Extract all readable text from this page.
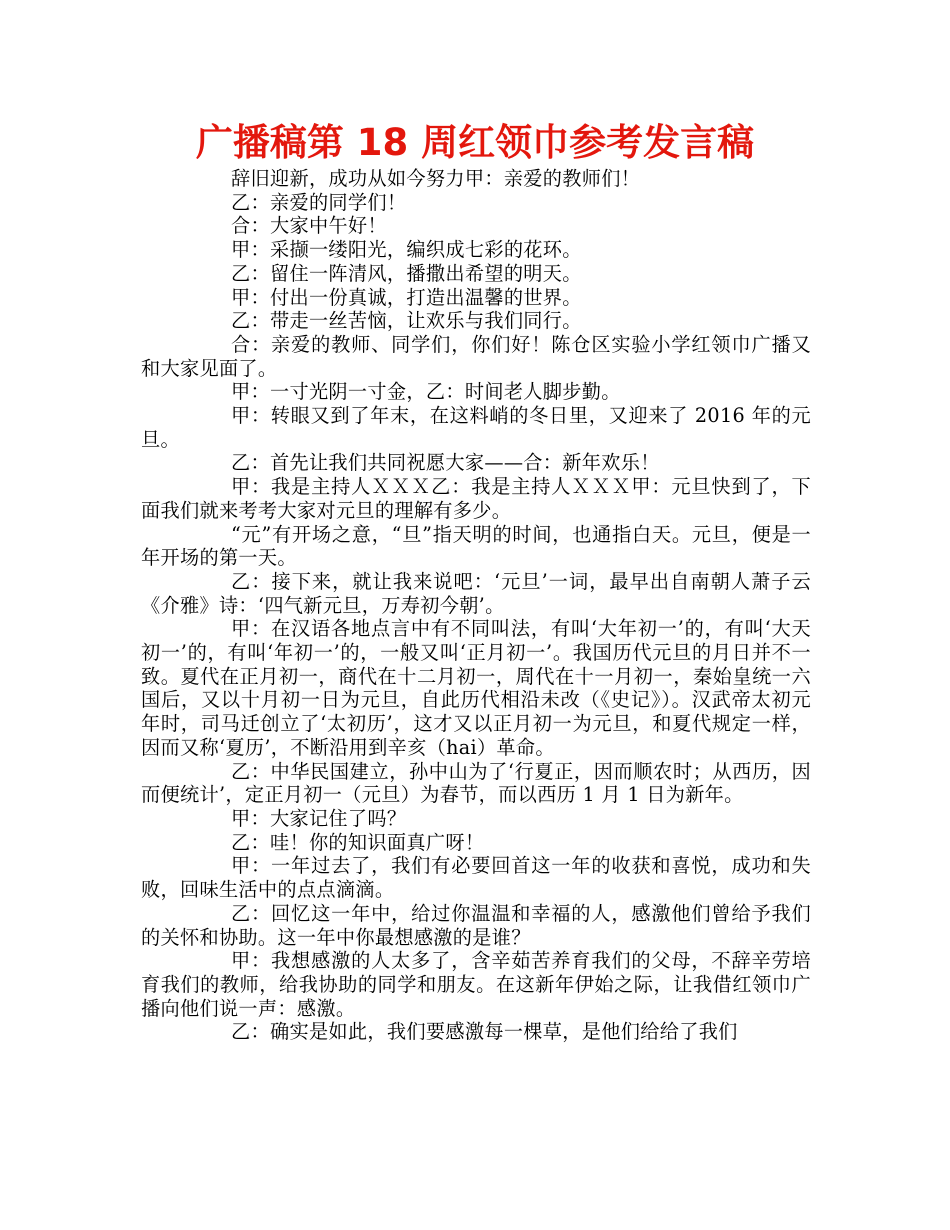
广播稿第 18 周红领巾参考发言稿

辞旧迎新，成功从如今努力甲：亲爱的教师们！

乙：亲爱的同学们！

合：大家中午好！

甲：采撷一缕阳光，编织成七彩的花环。

乙：留住一阵清风，播撒出希望的明天。

甲：付出一份真诚，打造出温馨的世界。

乙：带走一丝苦恼，让欢乐与我们同行。

合：亲爱的教师、同学们，你们好！陈仓区实验小学红领巾广播又和大家见面了。

甲：一寸光阴一寸金，乙：时间老人脚步勤。

甲：转眼又到了年末，在这料峭的冬日里，又迎来了 2016 年的元旦。

乙：首先让我们共同祝愿大家——合：新年欢乐！

甲：我是主持人ＸＸＸ乙：我是主持人ＸＸＸ甲：元旦快到了，下面我们就来考考大家对元旦的理解有多少。

“元”有开场之意，“旦”指天明的时间，也通指白天。元旦，便是一年开场的第一天。

乙：接下来，就让我来说吧：‘元旦’一词，最早出自南朝人萧子云《介雅》诗：‘四气新元旦，万寿初今朝’。

甲：在汉语各地点言中有不同叫法，有叫‘大年初一’的，有叫‘大天初一’的，有叫‘年初一’的，一般又叫‘正月初一’。我国历代元旦的月日并不一致。夏代在正月初一，商代在十二月初一，周代在十一月初一，秦始皇统一六国后，又以十月初一日为元旦，自此历代相沿未改（《史记》）。汉武帝太初元年时，司马迁创立了‘太初历’，这才又以正月初一为元旦，和夏代规定一样，因而又称‘夏历’，不断沿用到辛亥（hai）革命。

乙：中华民国建立，孙中山为了‘行夏正，因而顺农时；从西历，因而便统计’，定正月初一（元旦）为春节，而以西历 1 月 1 日为新年。

甲：大家记住了吗？

乙：哇！你的知识面真广呀！

甲：一年过去了，我们有必要回首这一年的收获和喜悦，成功和失败，回味生活中的点点滴滴。

乙：回忆这一年中，给过你温温和幸福的人，感激他们曾给予我们的关怀和协助。这一年中你最想感激的是谁？

甲：我想感激的人太多了，含辛茹苦养育我们的父母，不辞辛劳培育我们的教师，给我协助的同学和朋友。在这新年伊始之际，让我借红领巾广播向他们说一声：感激。

乙：确实是如此，我们要感激每一棵草，是他们给给了我们
